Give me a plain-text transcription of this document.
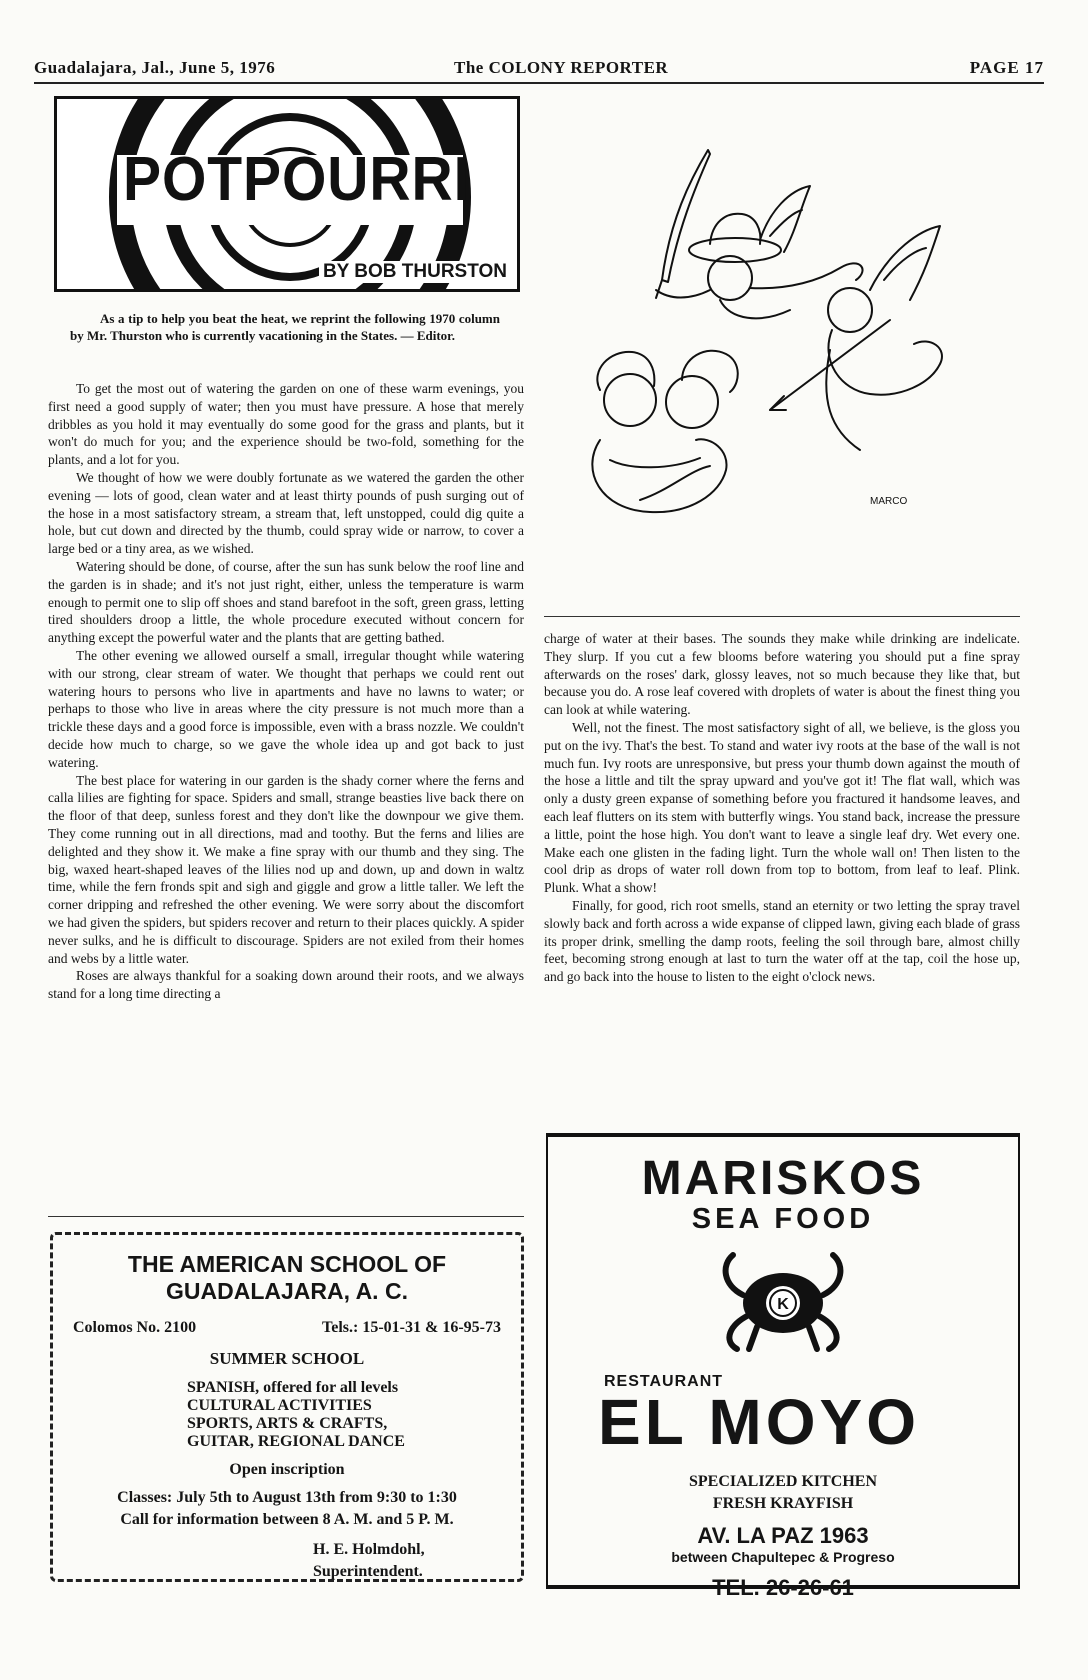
Guadalajara, Jal., June 5, 1976	The COLONY REPORTER	PAGE 17
POTPOURRI
BY BOB THURSTON
As a tip to help you beat the heat, we reprint the following 1970 column by Mr. Thurston who is currently vacationing in the States. — Editor.

To get the most out of watering the garden on one of these warm evenings, you first need a good supply of water; then you must have pressure. A hose that merely dribbles as you hold it may eventually do some good for the grass and plants, but it won't do much for you; and the experience should be two-fold, something for the plants, and a lot for you.

We thought of how we were doubly fortunate as we watered the garden the other evening — lots of good, clean water and at least thirty pounds of push surging out of the hose in a most satisfactory stream, a stream that, left unstopped, could dig quite a hole, but cut down and directed by the thumb, could spray wide or narrow, to cover a large bed or a tiny area, as we wished.

Watering should be done, of course, after the sun has sunk below the roof line and the garden is in shade; and it's not just right, either, unless the temperature is warm enough to permit one to slip off shoes and stand barefoot in the soft, green grass, letting tired shoulders droop a little, the whole procedure executed without concern for anything except the powerful water and the plants that are getting bathed.

The other evening we allowed ourself a small, irregular thought while watering with our strong, clear stream of water. We thought that perhaps we could rent out watering hours to persons who live in apartments and have no lawns to water; or perhaps to those who live in areas where the city pressure is not much more than a trickle these days and a good force is impossible, even with a brass nozzle. We couldn't decide how much to charge, so we gave the whole idea up and got back to just watering.

The best place for watering in our garden is the shady corner where the ferns and calla lilies are fighting for space. Spiders and small, strange beasties live back there on the floor of that deep, sunless forest and they don't like the downpour we give them. They come running out in all directions, mad and toothy. But the ferns and lilies are delighted and they show it. We make a fine spray with our thumb and they sing. The big, waxed heart-shaped leaves of the lilies nod up and down, up and down in waltz time, while the fern fronds spit and sigh and giggle and grow a little taller. We left the corner dripping and refreshed the other evening. We were sorry about the discomfort we had given the spiders, but spiders recover and return to their places quickly. A spider never sulks, and he is difficult to discourage. Spiders are not exiled from their homes and webs by a little water.

Roses are always thankful for a soaking down around their roots, and we always stand for a long time directing a

MARCO

charge of water at their bases. The sounds they make while drinking are indelicate. They slurp. If you cut a few blooms before watering you should put a fine spray afterwards on the roses' dark, glossy leaves, not so much because they like that, but because you do. A rose leaf covered with droplets of water is about the finest thing you can look at while watering.

Well, not the finest. The most satisfactory sight of all, we believe, is the gloss you put on the ivy. That's the best. To stand and water ivy roots at the base of the wall is not much fun. Ivy roots are unresponsive, but press your thumb down against the mouth of the hose a little and tilt the spray upward and you've got it! The flat wall, which was only a dusty green expanse of something before you fractured it handsome leaves, and each leaf flutters on its stem with butterfly wings. You stand back, increase the pressure a little, point the hose high. You don't want to leave a single leaf dry. Wet every one. Make each one glisten in the fading light. Turn the whole wall on! Then listen to the cool drip as drops of water roll down from top to bottom, from leaf to leaf. Plink. Plunk. What a show!

Finally, for good, rich root smells, stand an eternity or two letting the spray travel slowly back and forth across a wide expanse of clipped lawn, giving each blade of grass its proper drink, smelling the damp roots, feeling the soil through bare, almost chilly feet, becoming strong enough at last to turn the water off at the tap, coil the hose up, and go back into the house to listen to the eight o'clock news.

THE AMERICAN SCHOOL OF
GUADALAJARA, A. C.
Colomos No. 2100	Tels.: 15-01-31 & 16-95-73
SUMMER SCHOOL
SPANISH, offered for all levels
CULTURAL ACTIVITIES
SPORTS, ARTS & CRAFTS,
GUITAR, REGIONAL DANCE
Open inscription
Classes: July 5th to August 13th from 9:30 to 1:30
Call for information between 8 A. M. and 5 P. M.
H. E. Holmdohl,
Superintendent.
MARISKOS
SEA FOOD
K
RESTAURANT
EL MOYO
SPECIALIZED KITCHEN
FRESH KRAYFISH
AV. LA PAZ 1963
between Chapultepec & Progreso
TEL. 26-26-61
